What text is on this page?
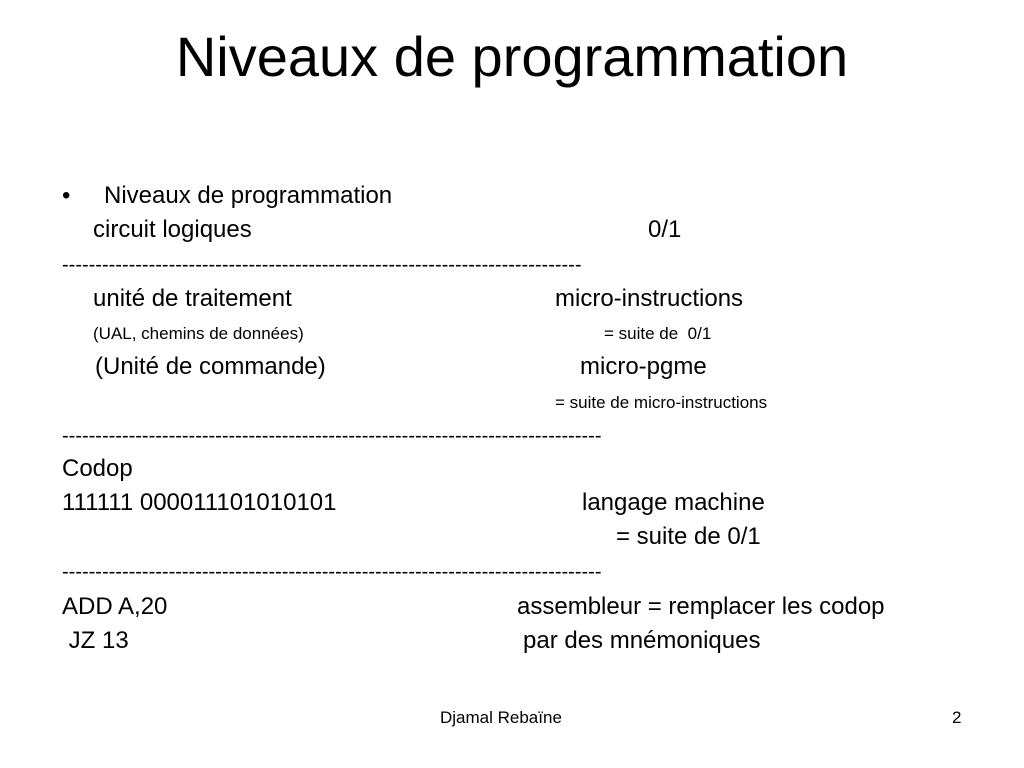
Niveaux de programmation
• Niveaux de programmation
circuit logiques	0/1
------------------------------------------------------------------------------
unité de traitement	micro-instructions
(UAL, chemins de données)	= suite de  0/1
(Unité de commande)	micro-pgme
= suite de micro-instructions
---------------------------------------------------------------------------------
Codop
111111 000011101010101	langage machine
= suite de 0/1
---------------------------------------------------------------------------------
ADD A,20	assembleur = remplacer les codop
JZ 13	par des mnémoniques
Djamal Rebaïne	2
